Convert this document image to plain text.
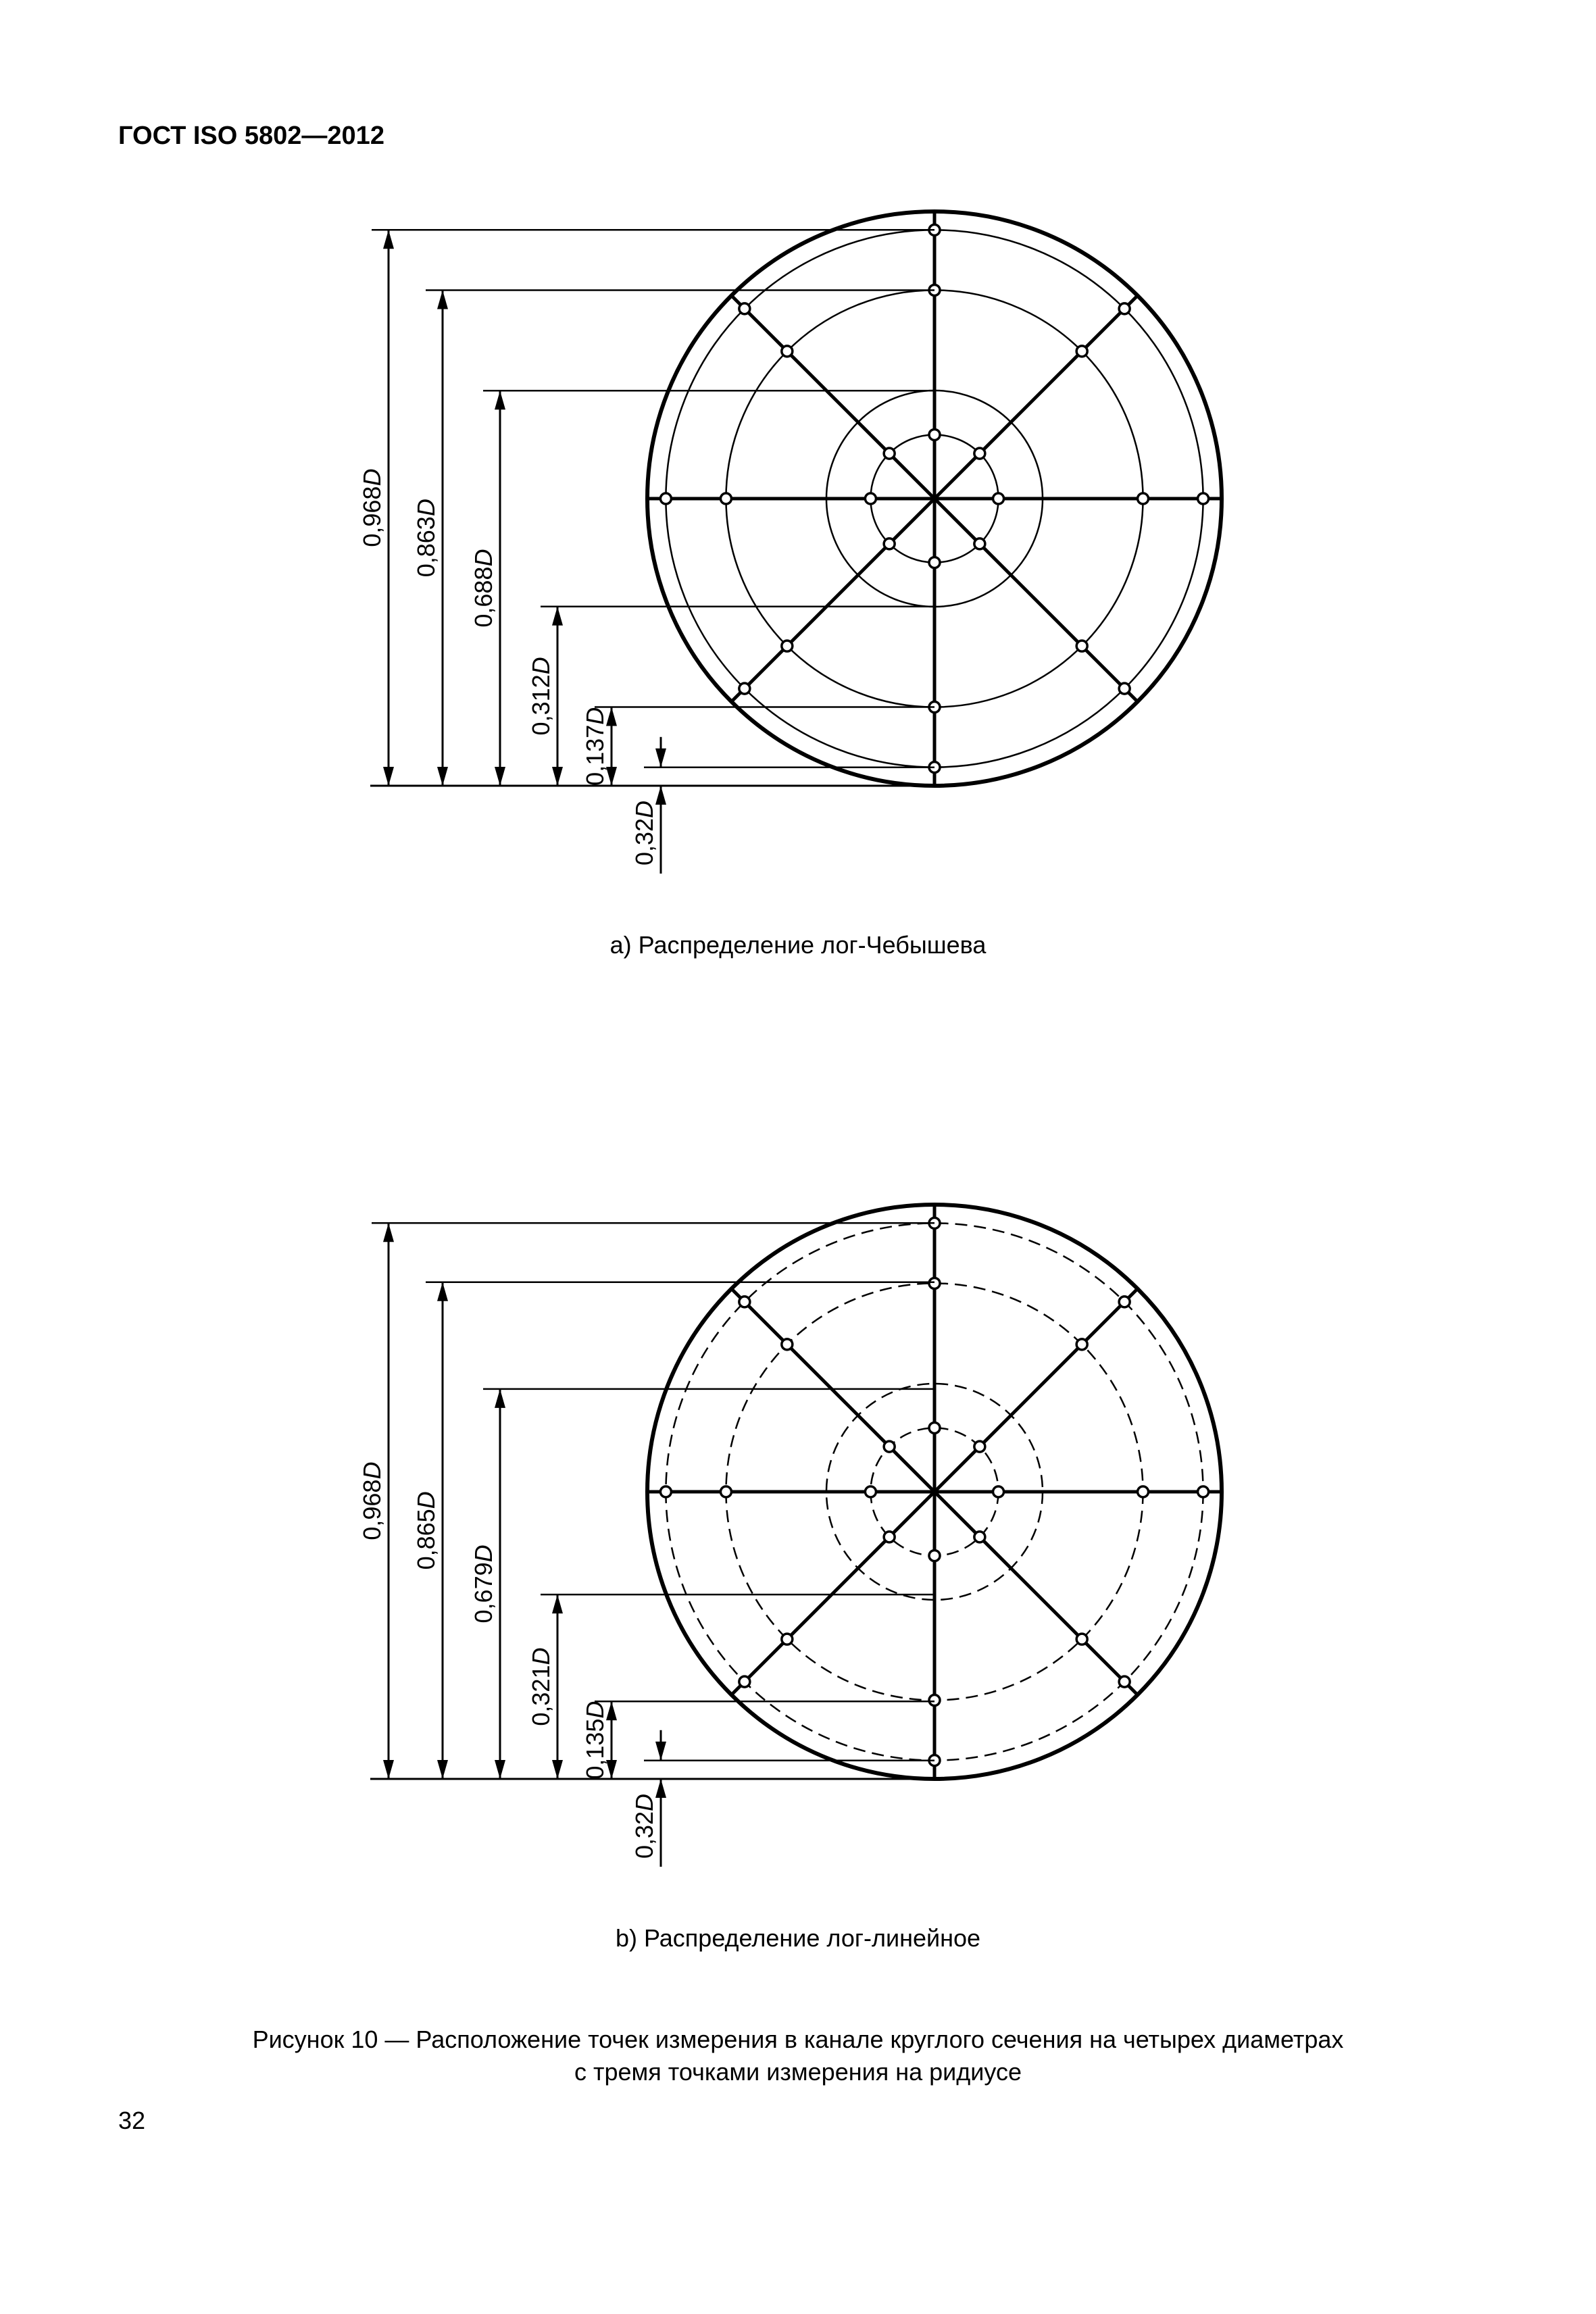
ГОСТ ISO 5802—2012
0,968D
0,863D
0,688D
0,312D
0,137D
0,32D
а) Распределение лог-Чебышева
0,968D
0,865D
0,679D
0,321D
0,135D
0,32D
b) Распределение лог-линейное
Рисунок 10 — Расположение точек измерения в канале круглого сечения на четырех диаметрах
с тремя точками измерения на ридиусе
32
